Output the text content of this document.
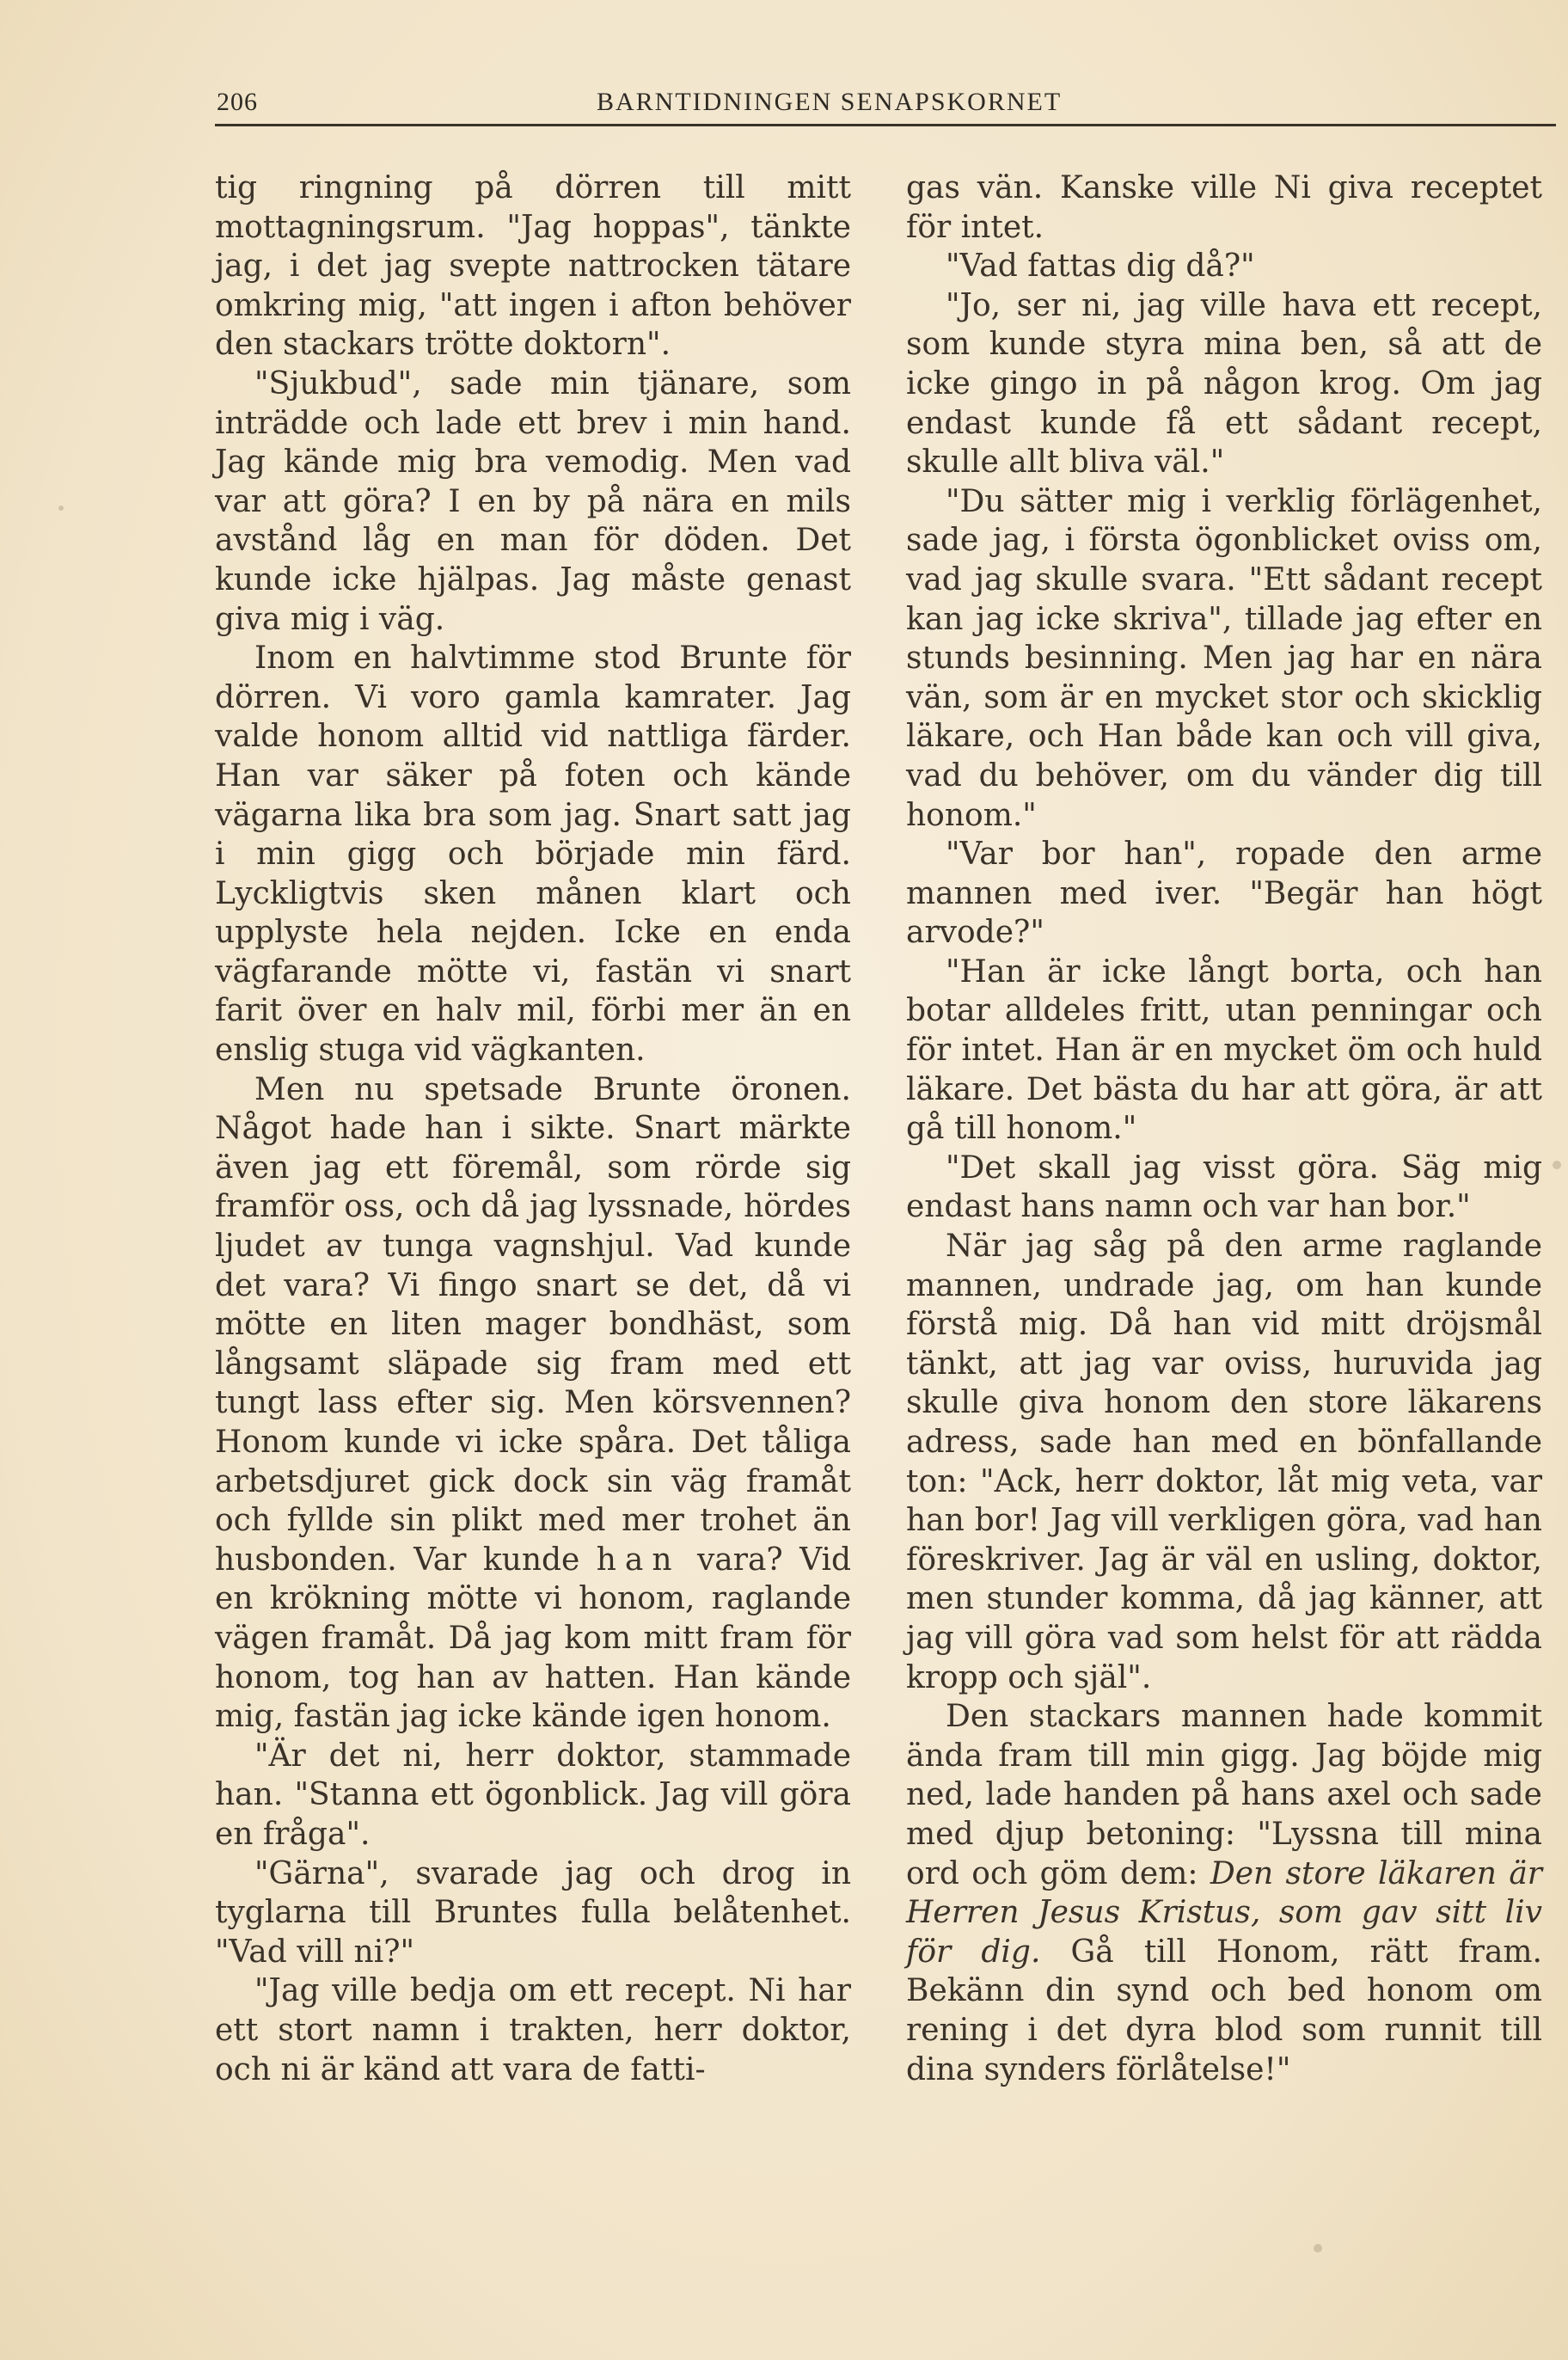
206	BARNTIDNINGEN SENAPSKORNET

tig ringning på dörren till mitt mottagningsrum. "Jag hoppas", tänkte jag, i det jag svepte nattrocken tätare omkring mig, "att ingen i afton behöver den stackars trötte doktorn".

"Sjukbud", sade min tjänare, som inträdde och lade ett brev i min hand. Jag kände mig bra vemodig. Men vad var att göra? I en by på nära en mils avstånd låg en man för döden. Det kunde icke hjälpas. Jag måste genast giva mig i väg.

Inom en halvtimme stod Brunte för dörren. Vi voro gamla kamrater. Jag valde honom alltid vid nattliga färder. Han var säker på foten och kände vägarna lika bra som jag. Snart satt jag i min gigg och började min färd. Lyckligtvis sken månen klart och upplyste hela nejden. Icke en enda vägfarande mötte vi, fastän vi snart farit över en halv mil, förbi mer än en enslig stuga vid vägkanten.

Men nu spetsade Brunte öronen. Något hade han i sikte. Snart märkte även jag ett föremål, som rörde sig framför oss, och då jag lyssnade, hördes ljudet av tunga vagnshjul. Vad kunde det vara? Vi fingo snart se det, då vi mötte en liten mager bondhäst, som långsamt släpade sig fram med ett tungt lass efter sig. Men körsvennen? Honom kunde vi icke spåra. Det tåliga arbetsdjuret gick dock sin väg framåt och fyllde sin plikt med mer trohet än husbonden. Var kunde han vara? Vid en krökning mötte vi honom, raglande vägen framåt. Då jag kom mitt fram för honom, tog han av hatten. Han kände mig, fastän jag icke kände igen honom.

"Är det ni, herr doktor, stammade han. "Stanna ett ögonblick. Jag vill göra en fråga".

"Gärna", svarade jag och drog in tyglarna till Bruntes fulla belåtenhet. "Vad vill ni?"

"Jag ville bedja om ett recept. Ni har ett stort namn i trakten, herr doktor, och ni är känd att vara de fatti-

gas vän. Kanske ville Ni giva receptet för intet.

"Vad fattas dig då?"

"Jo, ser ni, jag ville hava ett recept, som kunde styra mina ben, så att de icke gingo in på någon krog. Om jag endast kunde få ett sådant recept, skulle allt bliva väl."

"Du sätter mig i verklig förlägenhet, sade jag, i första ögonblicket oviss om, vad jag skulle svara. "Ett sådant recept kan jag icke skriva", tillade jag efter en stunds besinning. Men jag har en nära vän, som är en mycket stor och skicklig läkare, och Han både kan och vill giva, vad du behöver, om du vänder dig till honom."

"Var bor han", ropade den arme mannen med iver. "Begär han högt arvode?"

"Han är icke långt borta, och han botar alldeles fritt, utan penningar och för intet. Han är en mycket öm och huld läkare. Det bästa du har att göra, är att gå till honom."

"Det skall jag visst göra. Säg mig endast hans namn och var han bor."

När jag såg på den arme raglande mannen, undrade jag, om han kunde förstå mig. Då han vid mitt dröjsmål tänkt, att jag var oviss, huruvida jag skulle giva honom den store läkarens adress, sade han med en bönfallande ton: "Ack, herr doktor, låt mig veta, var han bor! Jag vill verkligen göra, vad han föreskriver. Jag är väl en usling, doktor, men stunder komma, då jag känner, att jag vill göra vad som helst för att rädda kropp och själ".

Den stackars mannen hade kommit ända fram till min gigg. Jag böjde mig ned, lade handen på hans axel och sade med djup betoning: "Lyssna till mina ord och göm dem: Den store läkaren är Herren Jesus Kristus, som gav sitt liv för dig. Gå till Honom, rätt fram. Bekänn din synd och bed honom om rening i det dyra blod som runnit till dina synders förlåtelse!"
